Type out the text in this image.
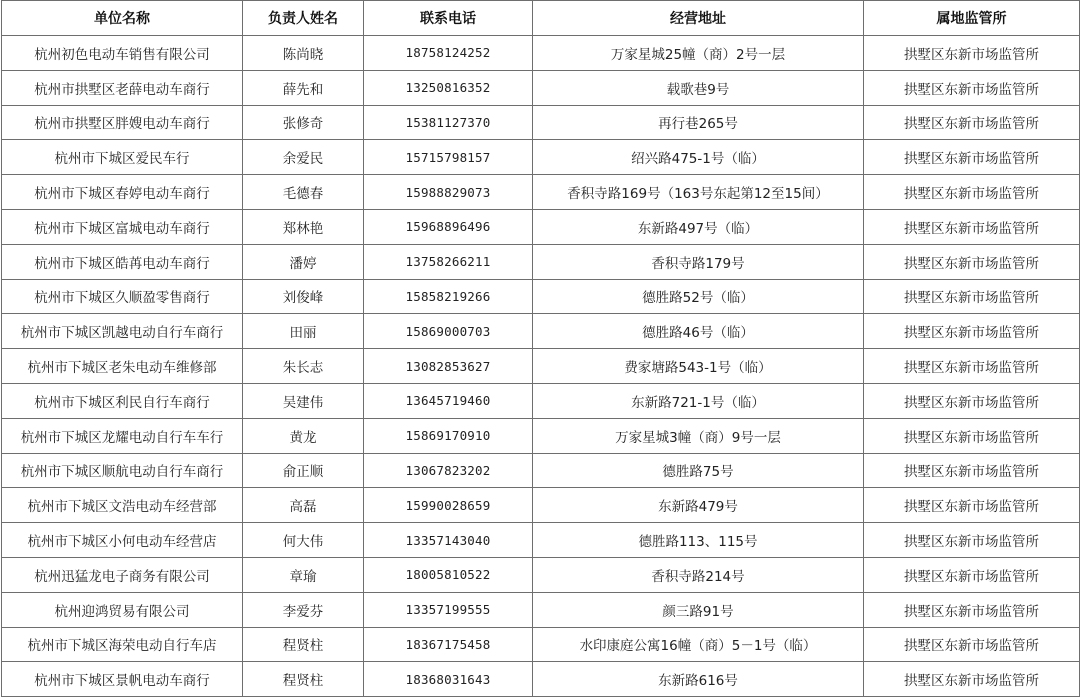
单位名称	负责人姓名	联系电话	经营地址	属地监管所
杭州初色电动车销售有限公司	陈尚晓	18758124252	万家星城25幢（商）2号一层	拱墅区东新市场监管所
杭州市拱墅区老薛电动车商行	薛先和	13250816352	载歌巷9号	拱墅区东新市场监管所
杭州市拱墅区胖嫂电动车商行	张修奇	15381127370	再行巷265号	拱墅区东新市场监管所
杭州市下城区爱民车行	余爱民	15715798157	绍兴路475-1号（临）	拱墅区东新市场监管所
杭州市下城区春婷电动车商行	毛德春	15988829073	香积寺路169号（163号东起第12至15间）	拱墅区东新市场监管所
杭州市下城区富城电动车商行	郑林艳	15968896496	东新路497号（临）	拱墅区东新市场监管所
杭州市下城区皓苒电动车商行	潘婷	13758266211	香积寺路179号	拱墅区东新市场监管所
杭州市下城区久顺盈零售商行	刘俊峰	15858219266	德胜路52号（临）	拱墅区东新市场监管所
杭州市下城区凯越电动自行车商行	田丽	15869000703	德胜路46号（临）	拱墅区东新市场监管所
杭州市下城区老朱电动车维修部	朱长志	13082853627	费家塘路543-1号（临）	拱墅区东新市场监管所
杭州市下城区利民自行车商行	吴建伟	13645719460	东新路721-1号（临）	拱墅区东新市场监管所
杭州市下城区龙耀电动自行车车行	黄龙	15869170910	万家星城3幢（商）9号一层	拱墅区东新市场监管所
杭州市下城区顺航电动自行车商行	俞正顺	13067823202	德胜路75号	拱墅区东新市场监管所
杭州市下城区文浩电动车经营部	高磊	15990028659	东新路479号	拱墅区东新市场监管所
杭州市下城区小何电动车经营店	何大伟	13357143040	德胜路113、115号	拱墅区东新市场监管所
杭州迅猛龙电子商务有限公司	章瑜	18005810522	香积寺路214号	拱墅区东新市场监管所
杭州迎鸿贸易有限公司	李爱芬	13357199555	颜三路91号	拱墅区东新市场监管所
杭州市下城区海荣电动自行车店	程贤柱	18367175458	水印康庭公寓16幢（商）5－1号（临）	拱墅区东新市场监管所
杭州市下城区景帆电动车商行	程贤柱	18368031643	东新路616号	拱墅区东新市场监管所
